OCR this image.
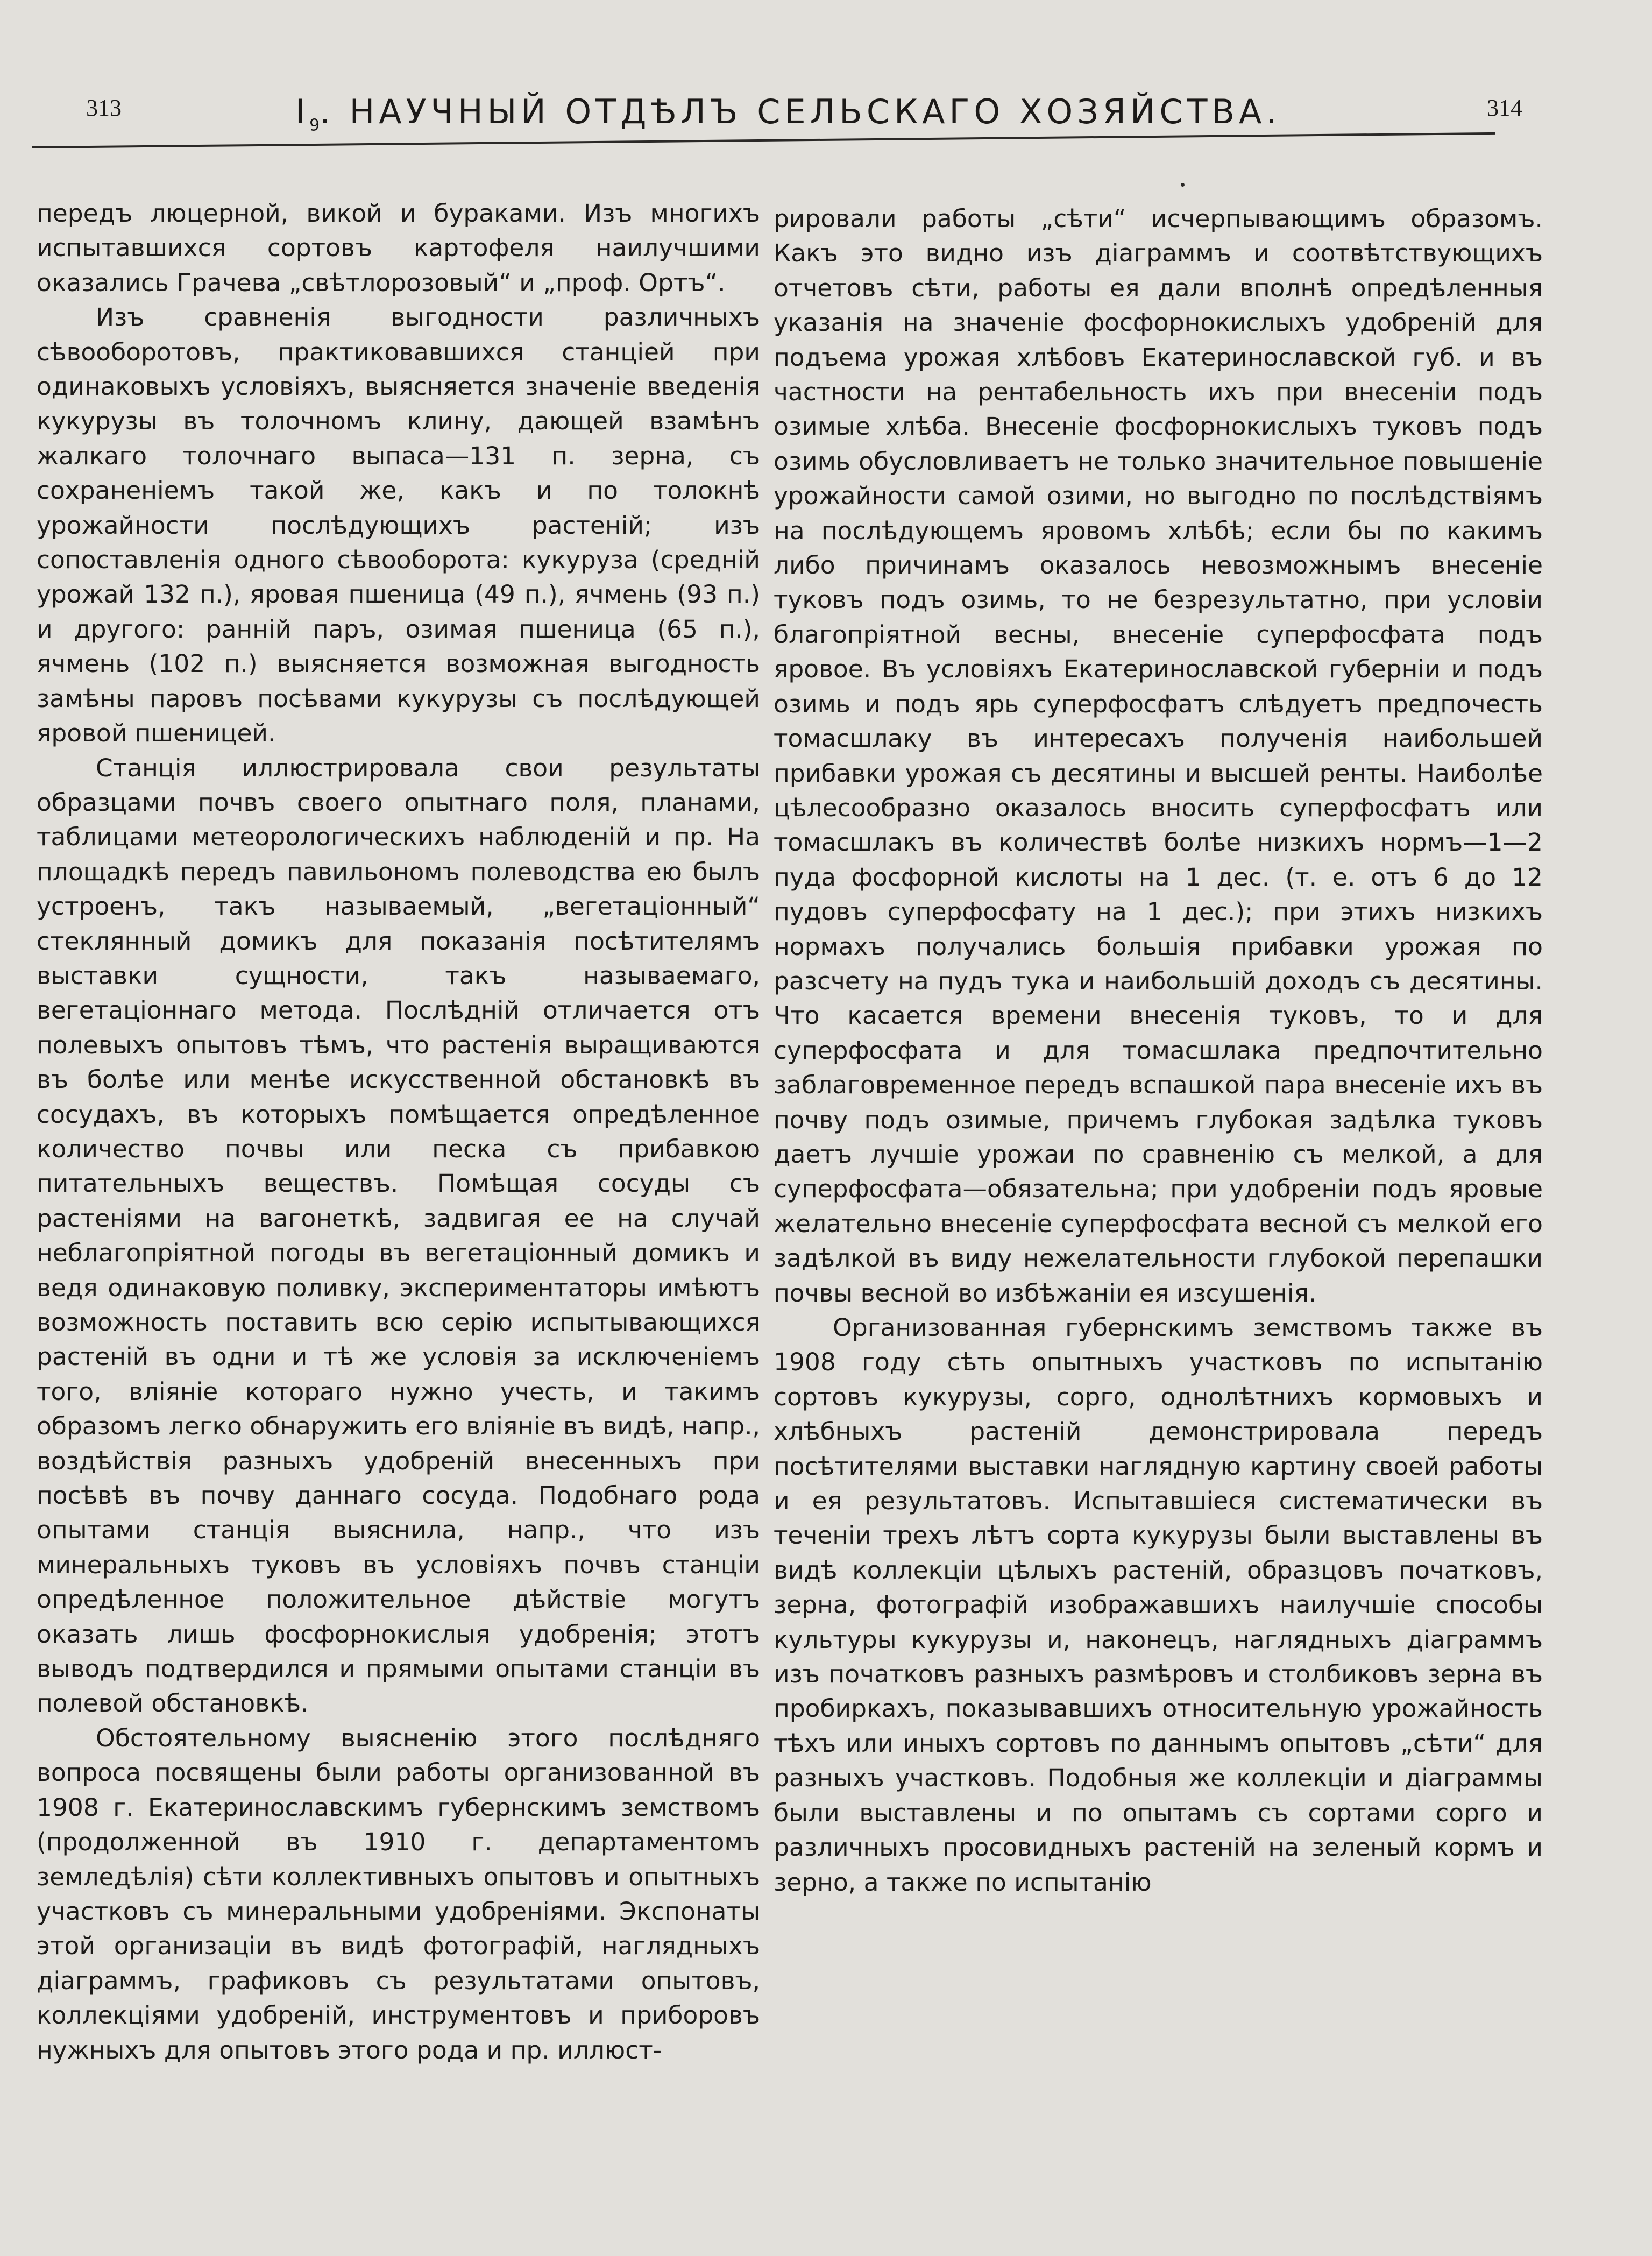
313	$I_9$. НАУЧНЫЙ ОТДѢЛЪ СЕЛЬСКАГО ХОЗЯЙСТВА.	314

передъ люцерной, викой и бураками. Изъ многихъ испытавшихся сортовъ картофеля наилучшими оказались Грачева „свѣтлорозовый“ и „проф. Ортъ“.

Изъ сравненія выгодности различныхъ сѣвооборотовъ, практиковавшихся станціей при одинаковыхъ условіяхъ, выясняется значеніе введенія кукурузы въ толочномъ клину, дающей взамѣнъ жалкаго толочнаго выпаса—131 п. зерна, съ сохраненіемъ такой же, какъ и по толокнѣ урожайности послѣдующихъ растеній; изъ сопоставленія одного сѣвооборота: кукуруза (средній урожай 132 п.), яровая пшеница (49 п.), ячмень (93 п.) и другого: ранній паръ, озимая пшеница (65 п.), ячмень (102 п.) выясняется возможная выгодность замѣны паровъ посѣвами кукурузы съ послѣдующей яровой пшеницей.

Станція иллюстрировала свои результаты образцами почвъ своего опытнаго поля, планами, таблицами метеорологическихъ наблюденій и пр. На площадкѣ передъ павильономъ полеводства ею былъ устроенъ, такъ называемый, „вегетаціонный“ стеклянный домикъ для показанія посѣтителямъ выставки сущности, такъ называемаго, вегетаціоннаго метода. Послѣдній отличается отъ полевыхъ опытовъ тѣмъ, что растенія выращиваются въ болѣе или менѣе искусственной обстановкѣ въ сосудахъ, въ которыхъ помѣщается опредѣленное количество почвы или песка съ прибавкою питательныхъ веществъ. Помѣщая сосуды съ растеніями на вагонеткѣ, задвигая ее на случай неблагопріятной погоды въ вегетаціонный домикъ и ведя одинаковую поливку, экспериментаторы имѣютъ возможность поставить всю серію испытывающихся растеній въ одни и тѣ же условія за исключеніемъ того, вліяніе котораго нужно учесть, и такимъ образомъ легко обнаружить его вліяніе въ видѣ, напр., воздѣйствія разныхъ удобреній внесенныхъ при посѣвѣ въ почву даннаго сосуда. Подобнаго рода опытами станція выяснила, напр., что изъ минеральныхъ туковъ въ условіяхъ почвъ станціи опредѣленное положительное дѣйствіе могутъ оказать лишь фосфорнокислыя удобренія; этотъ выводъ подтвердился и прямыми опытами станціи въ полевой обстановкѣ.

Обстоятельному выясненію этого послѣдняго вопроса посвящены были работы организованной въ 1908 г. Екатеринославскимъ губернскимъ земствомъ (продолженной въ 1910 г. департаментомъ земледѣлія) сѣти коллективныхъ опытовъ и опытныхъ участковъ съ минеральными удобреніями. Экспонаты этой организаціи въ видѣ фотографій, наглядныхъ діаграммъ, графиковъ съ результатами опытовъ, коллекціями удобреній, инструментовъ и приборовъ нужныхъ для опытовъ этого рода и пр. иллюст-

рировали работы „сѣти“ исчерпывающимъ образомъ. Какъ это видно изъ діаграммъ и соотвѣтствующихъ отчетовъ сѣти, работы ея дали вполнѣ опредѣленныя указанія на значеніе фосфорнокислыхъ удобреній для подъема урожая хлѣбовъ Екатеринославской губ. и въ частности на рентабельность ихъ при внесеніи подъ озимые хлѣба. Внесеніе фосфорнокислыхъ туковъ подъ озимь обусловливаетъ не только значительное повышеніе урожайности самой озими, но выгодно по послѣдствіямъ на послѣдующемъ яровомъ хлѣбѣ; если бы по какимъ либо причинамъ оказалось невозможнымъ внесеніе туковъ подъ озимь, то не безрезультатно, при условіи благопріятной весны, внесеніе суперфосфата подъ яровое. Въ условіяхъ Екатеринославской губерніи и подъ озимь и подъ ярь суперфосфатъ слѣдуетъ предпочесть томасшлаку въ интересахъ полученія наибольшей прибавки урожая съ десятины и высшей ренты. Наиболѣе цѣлесообразно оказалось вносить суперфосфатъ или томасшлакъ въ количествѣ болѣе низкихъ нормъ—1—2 пуда фосфорной кислоты на 1 дес. (т. е. отъ 6 до 12 пудовъ суперфосфату на 1 дес.); при этихъ низкихъ нормахъ получались большія прибавки урожая по разсчету на пудъ тука и наибольшій доходъ съ десятины. Что касается времени внесенія туковъ, то и для суперфосфата и для томасшлака предпочтительно заблаговременное передъ вспашкой пара внесеніе ихъ въ почву подъ озимые, причемъ глубокая задѣлка туковъ даетъ лучшіе урожаи по сравненію съ мелкой, а для суперфосфата—обязательна; при удобреніи подъ яровые желательно внесеніе суперфосфата весной съ мелкой его задѣлкой въ виду нежелательности глубокой перепашки почвы весной во избѣжаніи ея изсушенія.

Организованная губернскимъ земствомъ также въ 1908 году сѣть опытныхъ участковъ по испытанію сортовъ кукурузы, сорго, однолѣтнихъ кормовыхъ и хлѣбныхъ растеній демонстрировала передъ посѣтителями выставки наглядную картину своей работы и ея результатовъ. Испытавшіеся систематически въ теченіи трехъ лѣтъ сорта кукурузы были выставлены въ видѣ коллекціи цѣлыхъ растеній, образцовъ початковъ, зерна, фотографій изображавшихъ наилучшіе способы культуры кукурузы и, наконецъ, наглядныхъ діаграммъ изъ початковъ разныхъ размѣровъ и столбиковъ зерна въ пробиркахъ, показывавшихъ относительную урожайность тѣхъ или иныхъ сортовъ по даннымъ опытовъ „сѣти“ для разныхъ участковъ. Подобныя же коллекціи и діаграммы были выставлены и по опытамъ съ сортами сорго и различныхъ просовидныхъ растеній на зеленый кормъ и зерно, а также по испытанію
